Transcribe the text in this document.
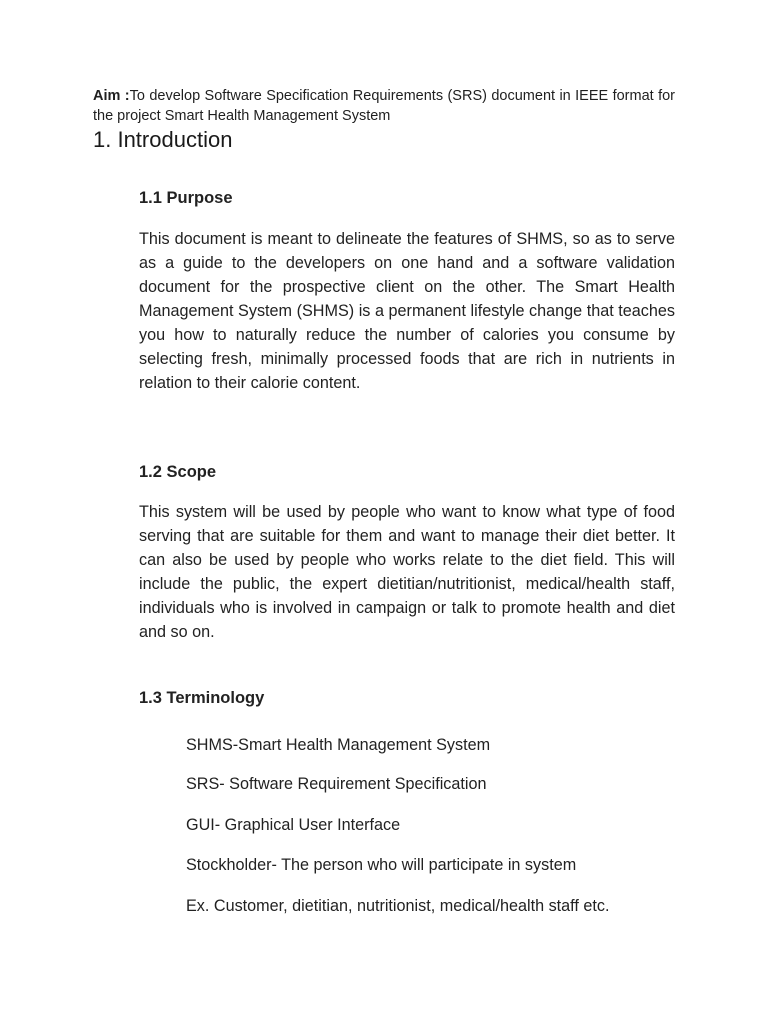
Aim :To develop Software Specification Requirements (SRS) document in IEEE format for the project Smart Health Management System

1. Introduction
1.1 Purpose

This document is meant to delineate the features of SHMS, so as to serve as a guide to the developers on one hand and a software validation document for the prospective client on the other. The Smart Health Management System (SHMS) is a permanent lifestyle change that teaches you how to naturally reduce the number of calories you consume by selecting fresh, minimally processed foods that are rich in nutrients in relation to their calorie content.

1.2 Scope

This system will be used by people who want to know what type of food serving that are suitable for them and want to manage their diet better. It can also be used by people who works relate to the diet field. This will include the public, the expert dietitian/nutritionist, medical/health staff, individuals who is involved in campaign or talk to promote health and diet and so on.

1.3 Terminology

SHMS-Smart Health Management System

SRS- Software Requirement Specification

GUI- Graphical User Interface

Stockholder- The person who will participate in system

Ex. Customer, dietitian, nutritionist, medical/health staff etc.
